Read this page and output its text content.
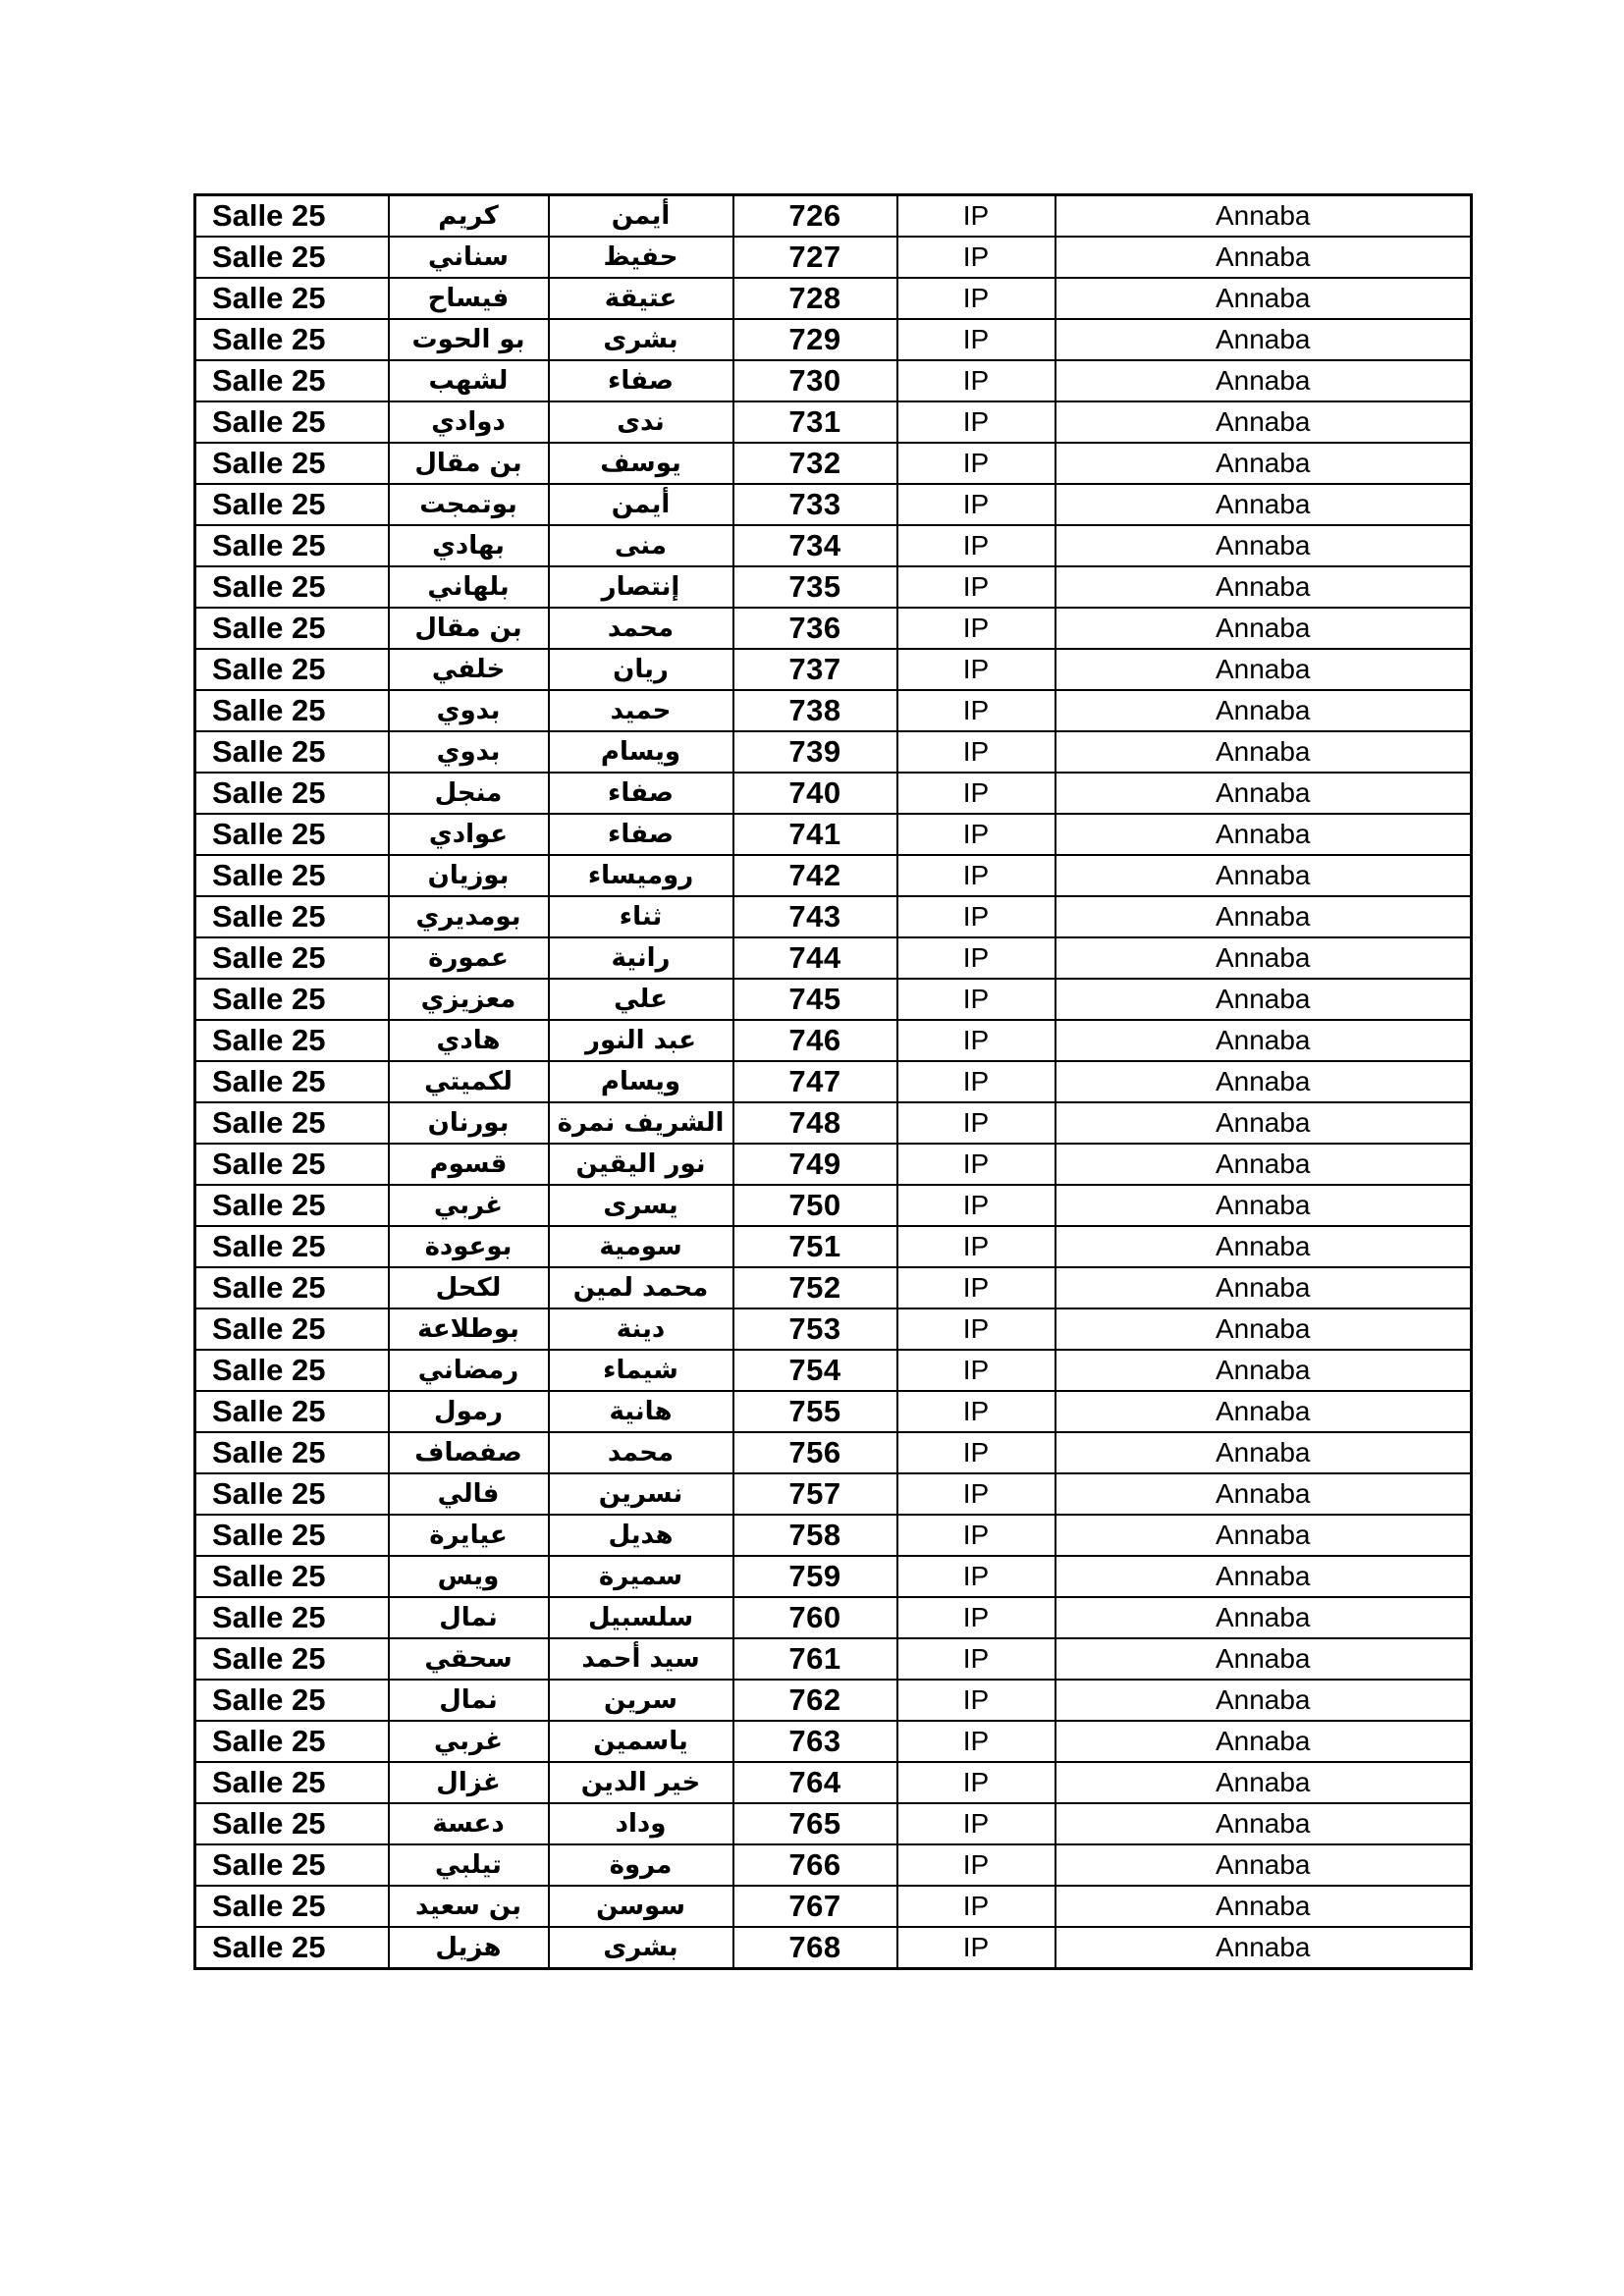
Salle 25	كريم	أيمن	726	IP	Annaba
Salle 25	سناني	حفيظ	727	IP	Annaba
Salle 25	فيساح	عتيقة	728	IP	Annaba
Salle 25	بو الحوت	بشرى	729	IP	Annaba
Salle 25	لشهب	صفاء	730	IP	Annaba
Salle 25	دوادي	ندى	731	IP	Annaba
Salle 25	بن مقال	يوسف	732	IP	Annaba
Salle 25	بوتمجت	أيمن	733	IP	Annaba
Salle 25	بهادي	منى	734	IP	Annaba
Salle 25	بلهاني	إنتصار	735	IP	Annaba
Salle 25	بن مقال	محمد	736	IP	Annaba
Salle 25	خلفي	ريان	737	IP	Annaba
Salle 25	بدوي	حميد	738	IP	Annaba
Salle 25	بدوي	ويسام	739	IP	Annaba
Salle 25	منجل	صفاء	740	IP	Annaba
Salle 25	عوادي	صفاء	741	IP	Annaba
Salle 25	بوزيان	روميساء	742	IP	Annaba
Salle 25	بومديري	ثناء	743	IP	Annaba
Salle 25	عمورة	رانية	744	IP	Annaba
Salle 25	معزيزي	علي	745	IP	Annaba
Salle 25	هادي	عبد النور	746	IP	Annaba
Salle 25	لكميتي	ويسام	747	IP	Annaba
Salle 25	بورنان	الشريف نمرة	748	IP	Annaba
Salle 25	قسوم	نور اليقين	749	IP	Annaba
Salle 25	غربي	يسرى	750	IP	Annaba
Salle 25	بوعودة	سومية	751	IP	Annaba
Salle 25	لكحل	محمد لمين	752	IP	Annaba
Salle 25	بوطلاعة	دينة	753	IP	Annaba
Salle 25	رمضاني	شيماء	754	IP	Annaba
Salle 25	رمول	هانية	755	IP	Annaba
Salle 25	صفصاف	محمد	756	IP	Annaba
Salle 25	فالي	نسرين	757	IP	Annaba
Salle 25	عيايرة	هديل	758	IP	Annaba
Salle 25	ويس	سميرة	759	IP	Annaba
Salle 25	نمال	سلسبيل	760	IP	Annaba
Salle 25	سحقي	سيد أحمد	761	IP	Annaba
Salle 25	نمال	سرين	762	IP	Annaba
Salle 25	غربي	ياسمين	763	IP	Annaba
Salle 25	غزال	خير الدين	764	IP	Annaba
Salle 25	دعسة	وداد	765	IP	Annaba
Salle 25	تيلبي	مروة	766	IP	Annaba
Salle 25	بن سعيد	سوسن	767	IP	Annaba
Salle 25	هزيل	بشرى	768	IP	Annaba
